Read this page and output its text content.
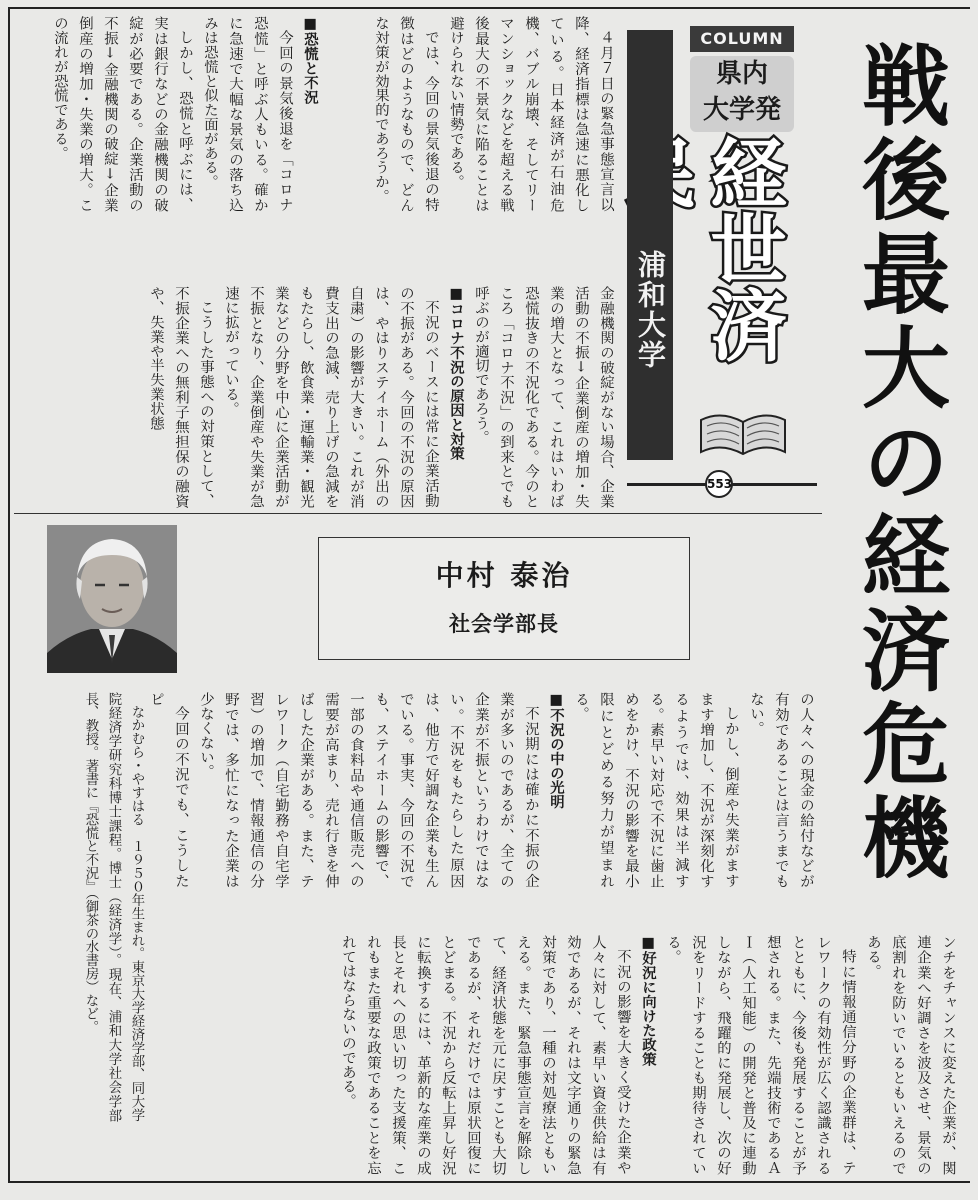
戦後最大の経済危機
COLUMN
県内
大学発
経世済
浦和大学
553

４月７日の緊急事態宣言以降、経済指標は急速に悪化している。日本経済が石油危機、バブル崩壊、そしてリーマンショックなどを超える戦後最大の不景気に陥ることは避けられない情勢である。

では、今回の景気後退の特徴はどのようなもので、どんな対策が効果的であろうか。

■恐慌と不況

今回の景気後退を「コロナ恐慌」と呼ぶ人もいる。確かに急速で大幅な景気の落ち込みは恐慌と似た面がある。

しかし、恐慌と呼ぶには、実は銀行などの金融機関の破綻が必要である。企業活動の不振↓金融機関の破綻↓企業倒産の増加・失業の増大。この流れが恐慌である。

金融機関の破綻がない場合、企業活動の不振↓企業倒産の増加・失業の増大となって、これはいわば恐慌抜きの不況化である。今のところ「コロナ不況」の到来とでも呼ぶのが適切であろう。

■コロナ不況の原因と対策

不況のベースには常に企業活動の不振がある。今回の不況の原因は、やはりステイホーム（外出の自粛）の影響が大きい。これが消費支出の急減、売り上げの急減をもたらし、飲食業・運輸業・観光業などの分野を中心に企業活動が不振となり、企業倒産や失業が急速に拡がっている。

こうした事態への対策として、不振企業への無利子無担保の融資や、失業や半失業状態

中村 泰治
社会学部長

なかむら・やすはる　１９５０年生まれ。東京大学経済学部、同大学院経済学研究科博士課程。博士（経済学）。現在、浦和大学社会学部長、教授。著書に『恐慌と不況』（御茶の水書房）など。	の人々への現金の給付などが有効であることは言うまでもない。

しかし、倒産や失業がますます増加し、不況が深刻化するようでは、効果は半減する。素早い対応で不況に歯止めをかけ、不況の影響を最小限にとどめる努力が望まれる。

■不況の中の光明

不況期には確かに不振の企業が多いのであるが、全ての企業が不振というわけではない。不況をもたらした原因は、他方で好調な企業も生んでいる。事実、今回の不況でも、ステイホームの影響で、一部の食料品や通信販売への需要が高まり、売れ行きを伸ばした企業がある。また、テレワーク（自宅勤務や自宅学習）の増加で、情報通信の分野では、多忙になった企業は少なくない。

今回の不況でも、こうしたピ

ンチをチャンスに変えた企業が、関連企業へ好調さを波及させ、景気の底割れを防いでいるともいえるのである。

特に情報通信分野の企業群は、テレワークの有効性が広く認識されるとともに、今後も発展することが予想される。また、先端技術であるＡＩ（人工知能）の開発と普及に連動しながら、飛躍的に発展し、次の好況をリードすることも期待されている。

■好況に向けた政策

不況の影響を大きく受けた企業や人々に対して、素早い資金供給は有効であるが、それは文字通りの緊急対策であり、一種の対処療法ともいえる。また、緊急事態宣言を解除して、経済状態を元に戻すことも大切であるが、それだけでは原状回復にとどまる。不況から反転上昇し好況に転換するには、革新的な産業の成長とそれへの思い切った支援策、これもまた重要な政策であることを忘れてはならないのである。
